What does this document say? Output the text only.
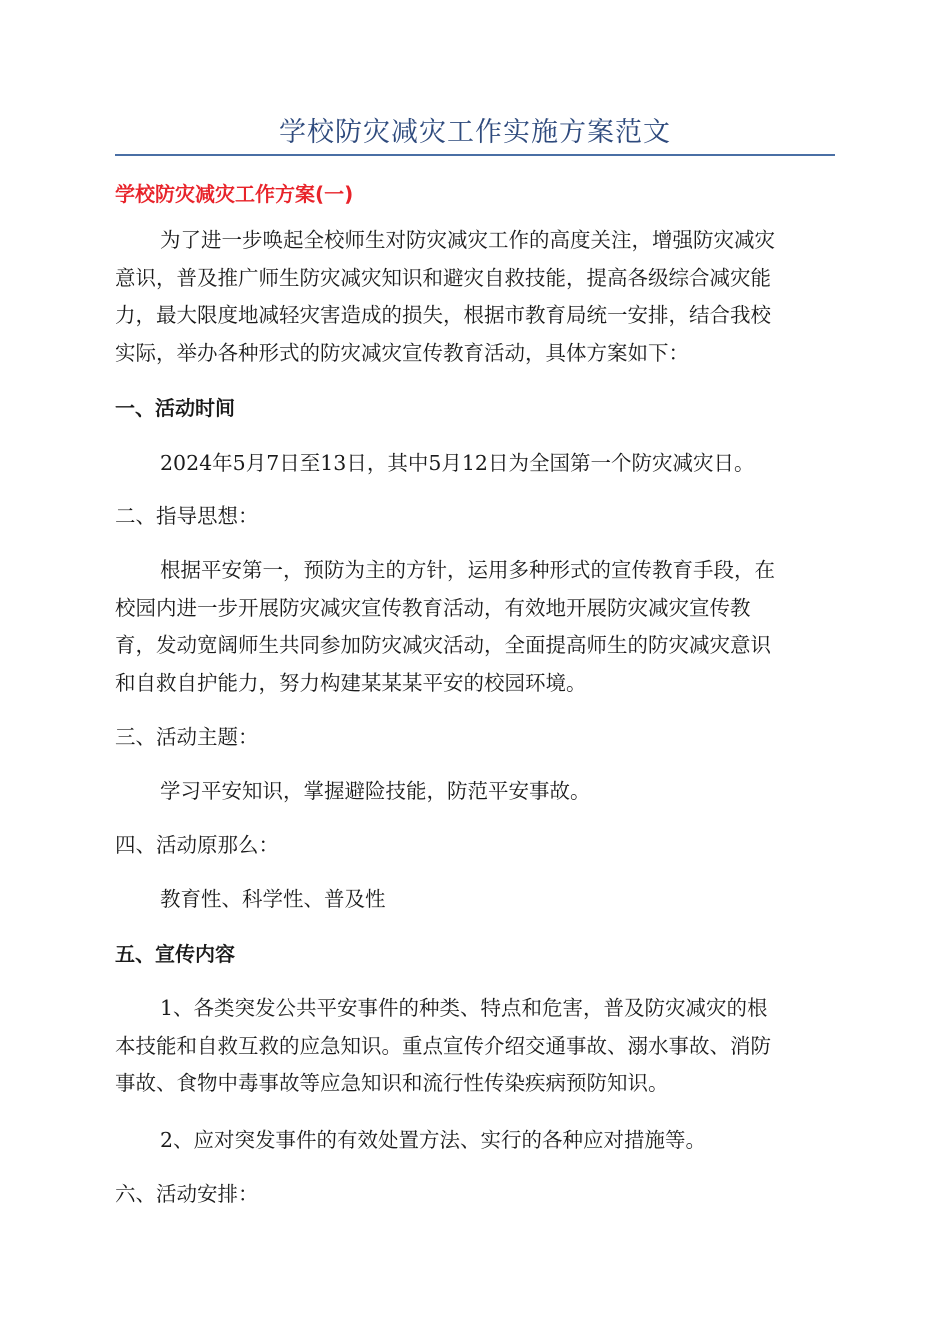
学校防灾减灾工作实施方案范文
学校防灾减灾工作方案(一)
为了进一步唤起全校师生对防灾减灾工作的高度关注，增强防灾减灾
意识，普及推广师生防灾减灾知识和避灾自救技能，提高各级综合减灾能
力，最大限度地减轻灾害造成的损失，根据市教育局统一安排，结合我校
实际，举办各种形式的防灾减灾宣传教育活动，具体方案如下：
一、活动时间
2024年5月7日至13日，其中5月12日为全国第一个防灾减灾日。
二、指导思想：
根据平安第一，预防为主的方针，运用多种形式的宣传教育手段，在
校园内进一步开展防灾减灾宣传教育活动，有效地开展防灾减灾宣传教
育，发动宽阔师生共同参加防灾减灾活动，全面提高师生的防灾减灾意识
和自救自护能力，努力构建某某某平安的校园环境。
三、活动主题：
学习平安知识，掌握避险技能，防范平安事故。
四、活动原那么：
教育性、科学性、普及性
五、宣传内容
1、各类突发公共平安事件的种类、特点和危害，普及防灾减灾的根
本技能和自救互救的应急知识。重点宣传介绍交通事故、溺水事故、消防
事故、食物中毒事故等应急知识和流行性传染疾病预防知识。
2、应对突发事件的有效处置方法、实行的各种应对措施等。
六、活动安排：
